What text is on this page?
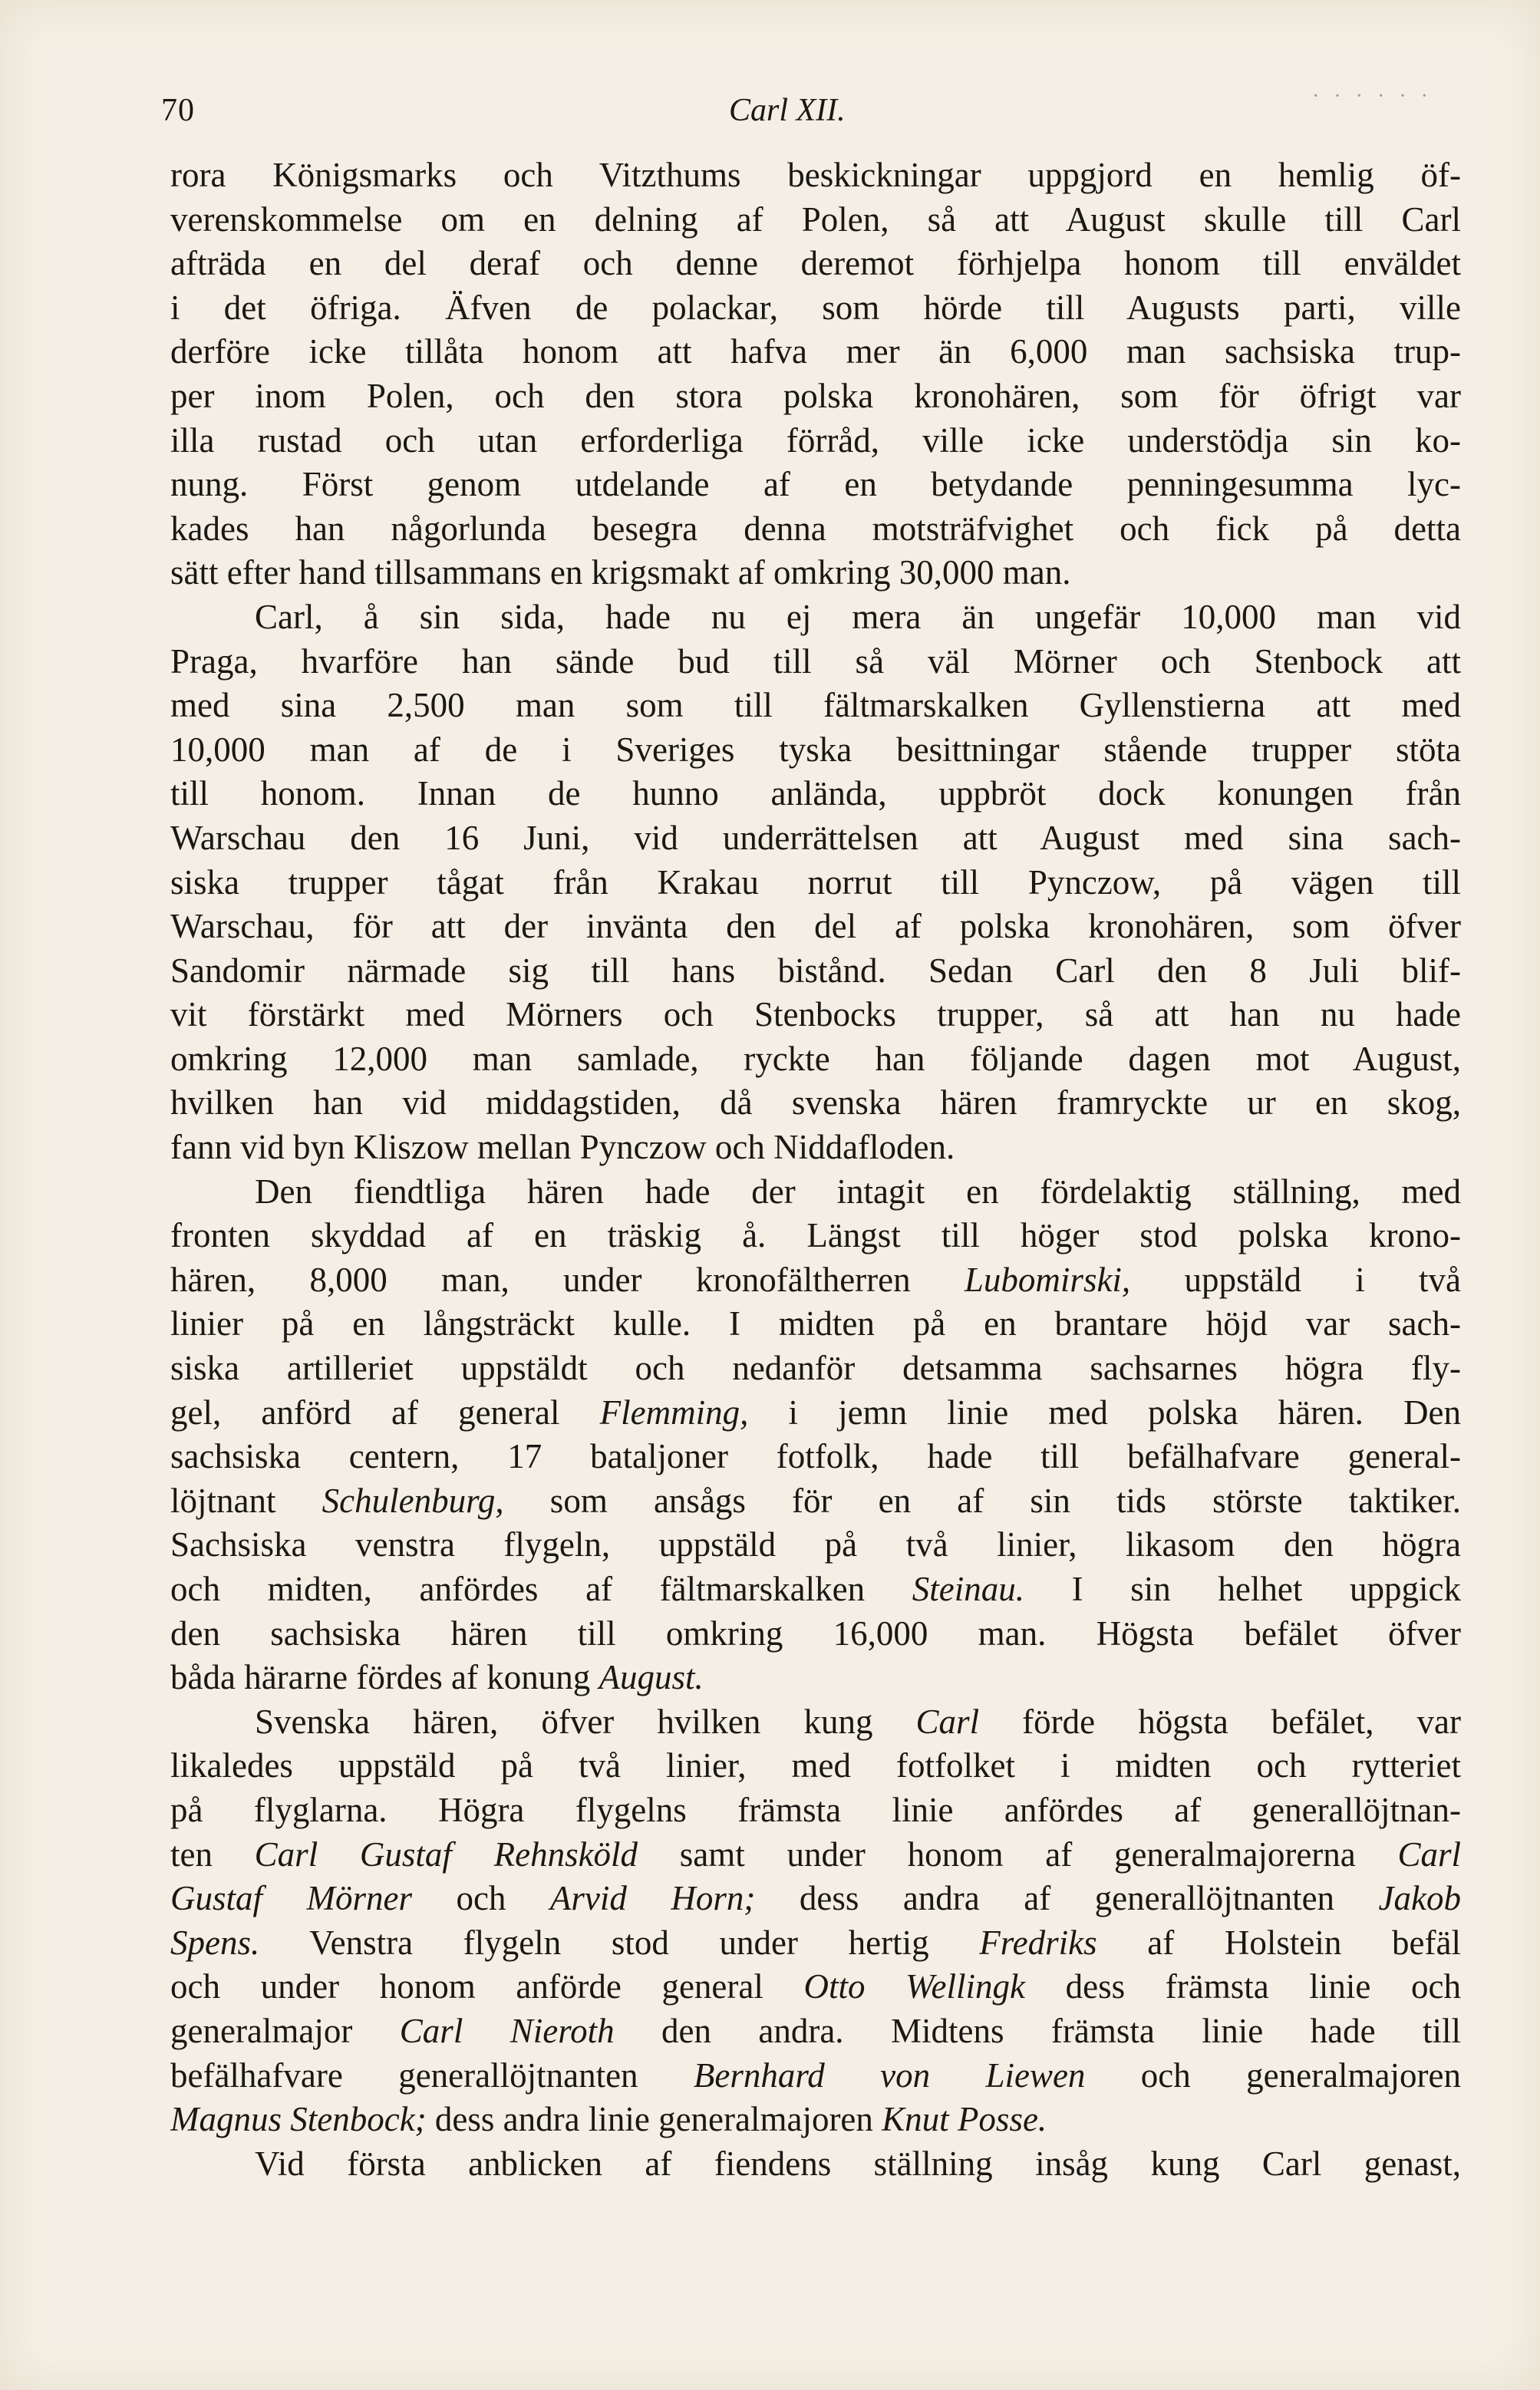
70	Carl XII.	· · · · · ·
rora Königsmarks och Vitzthums beskickningar uppgjord en hemlig öf-
verenskommelse om en delning af Polen, så att August skulle till Carl
afträda en del deraf och denne deremot förhjelpa honom till enväldet
i det öfriga. Äfven de polackar, som hörde till Augusts parti, ville
derföre icke tillåta honom att hafva mer än 6,000 man sachsiska trup-
per inom Polen, och den stora polska kronohären, som för öfrigt var
illa rustad och utan erforderliga förråd, ville icke understödja sin ko-
nung. Först genom utdelande af en betydande penningesumma lyc-
kades han någorlunda besegra denna motsträfvighet och fick på detta
sätt efter hand tillsammans en krigsmakt af omkring 30,000 man.
Carl, å sin sida, hade nu ej mera än ungefär 10,000 man vid
Praga, hvarföre han sände bud till så väl Mörner och Stenbock att
med sina 2,500 man som till fältmarskalken Gyllenstierna att med
10,000 man af de i Sveriges tyska besittningar stående trupper stöta
till honom. Innan de hunno anlända, uppbröt dock konungen från
Warschau den 16 Juni, vid underrättelsen att August med sina sach-
siska trupper tågat från Krakau norrut till Pynczow, på vägen till
Warschau, för att der invänta den del af polska kronohären, som öfver
Sandomir närmade sig till hans bistånd. Sedan Carl den 8 Juli blif-
vit förstärkt med Mörners och Stenbocks trupper, så att han nu hade
omkring 12,000 man samlade, ryckte han följande dagen mot August,
hvilken han vid middagstiden, då svenska hären framryckte ur en skog,
fann vid byn Kliszow mellan Pynczow och Niddafloden.
Den fiendtliga hären hade der intagit en fördelaktig ställning, med
fronten skyddad af en träskig å. Längst till höger stod polska krono-
hären, 8,000 man, under kronofältherren Lubomirski, uppstäld i två
linier på en långsträckt kulle. I midten på en brantare höjd var sach-
siska artilleriet uppstäldt och nedanför detsamma sachsarnes högra fly-
gel, anförd af general Flemming, i jemn linie med polska hären. Den
sachsiska centern, 17 bataljoner fotfolk, hade till befälhafvare general-
löjtnant Schulenburg, som ansågs för en af sin tids störste taktiker.
Sachsiska venstra flygeln, uppstäld på två linier, likasom den högra
och midten, anfördes af fältmarskalken Steinau. I sin helhet uppgick
den sachsiska hären till omkring 16,000 man. Högsta befälet öfver
båda härarne fördes af konung August.
Svenska hären, öfver hvilken kung Carl förde högsta befälet, var
likaledes uppstäld på två linier, med fotfolket i midten och rytteriet
på flyglarna. Högra flygelns främsta linie anfördes af generallöjtnan-
ten Carl Gustaf Rehnsköld samt under honom af generalmajorerna Carl
Gustaf Mörner och Arvid Horn; dess andra af generallöjtnanten Jakob
Spens. Venstra flygeln stod under hertig Fredriks af Holstein befäl
och under honom anförde general Otto Wellingk dess främsta linie och
generalmajor Carl Nieroth den andra. Midtens främsta linie hade till
befälhafvare generallöjtnanten Bernhard von Liewen och generalmajoren
Magnus Stenbock; dess andra linie generalmajoren Knut Posse.
Vid första anblicken af fiendens ställning insåg kung Carl genast,
